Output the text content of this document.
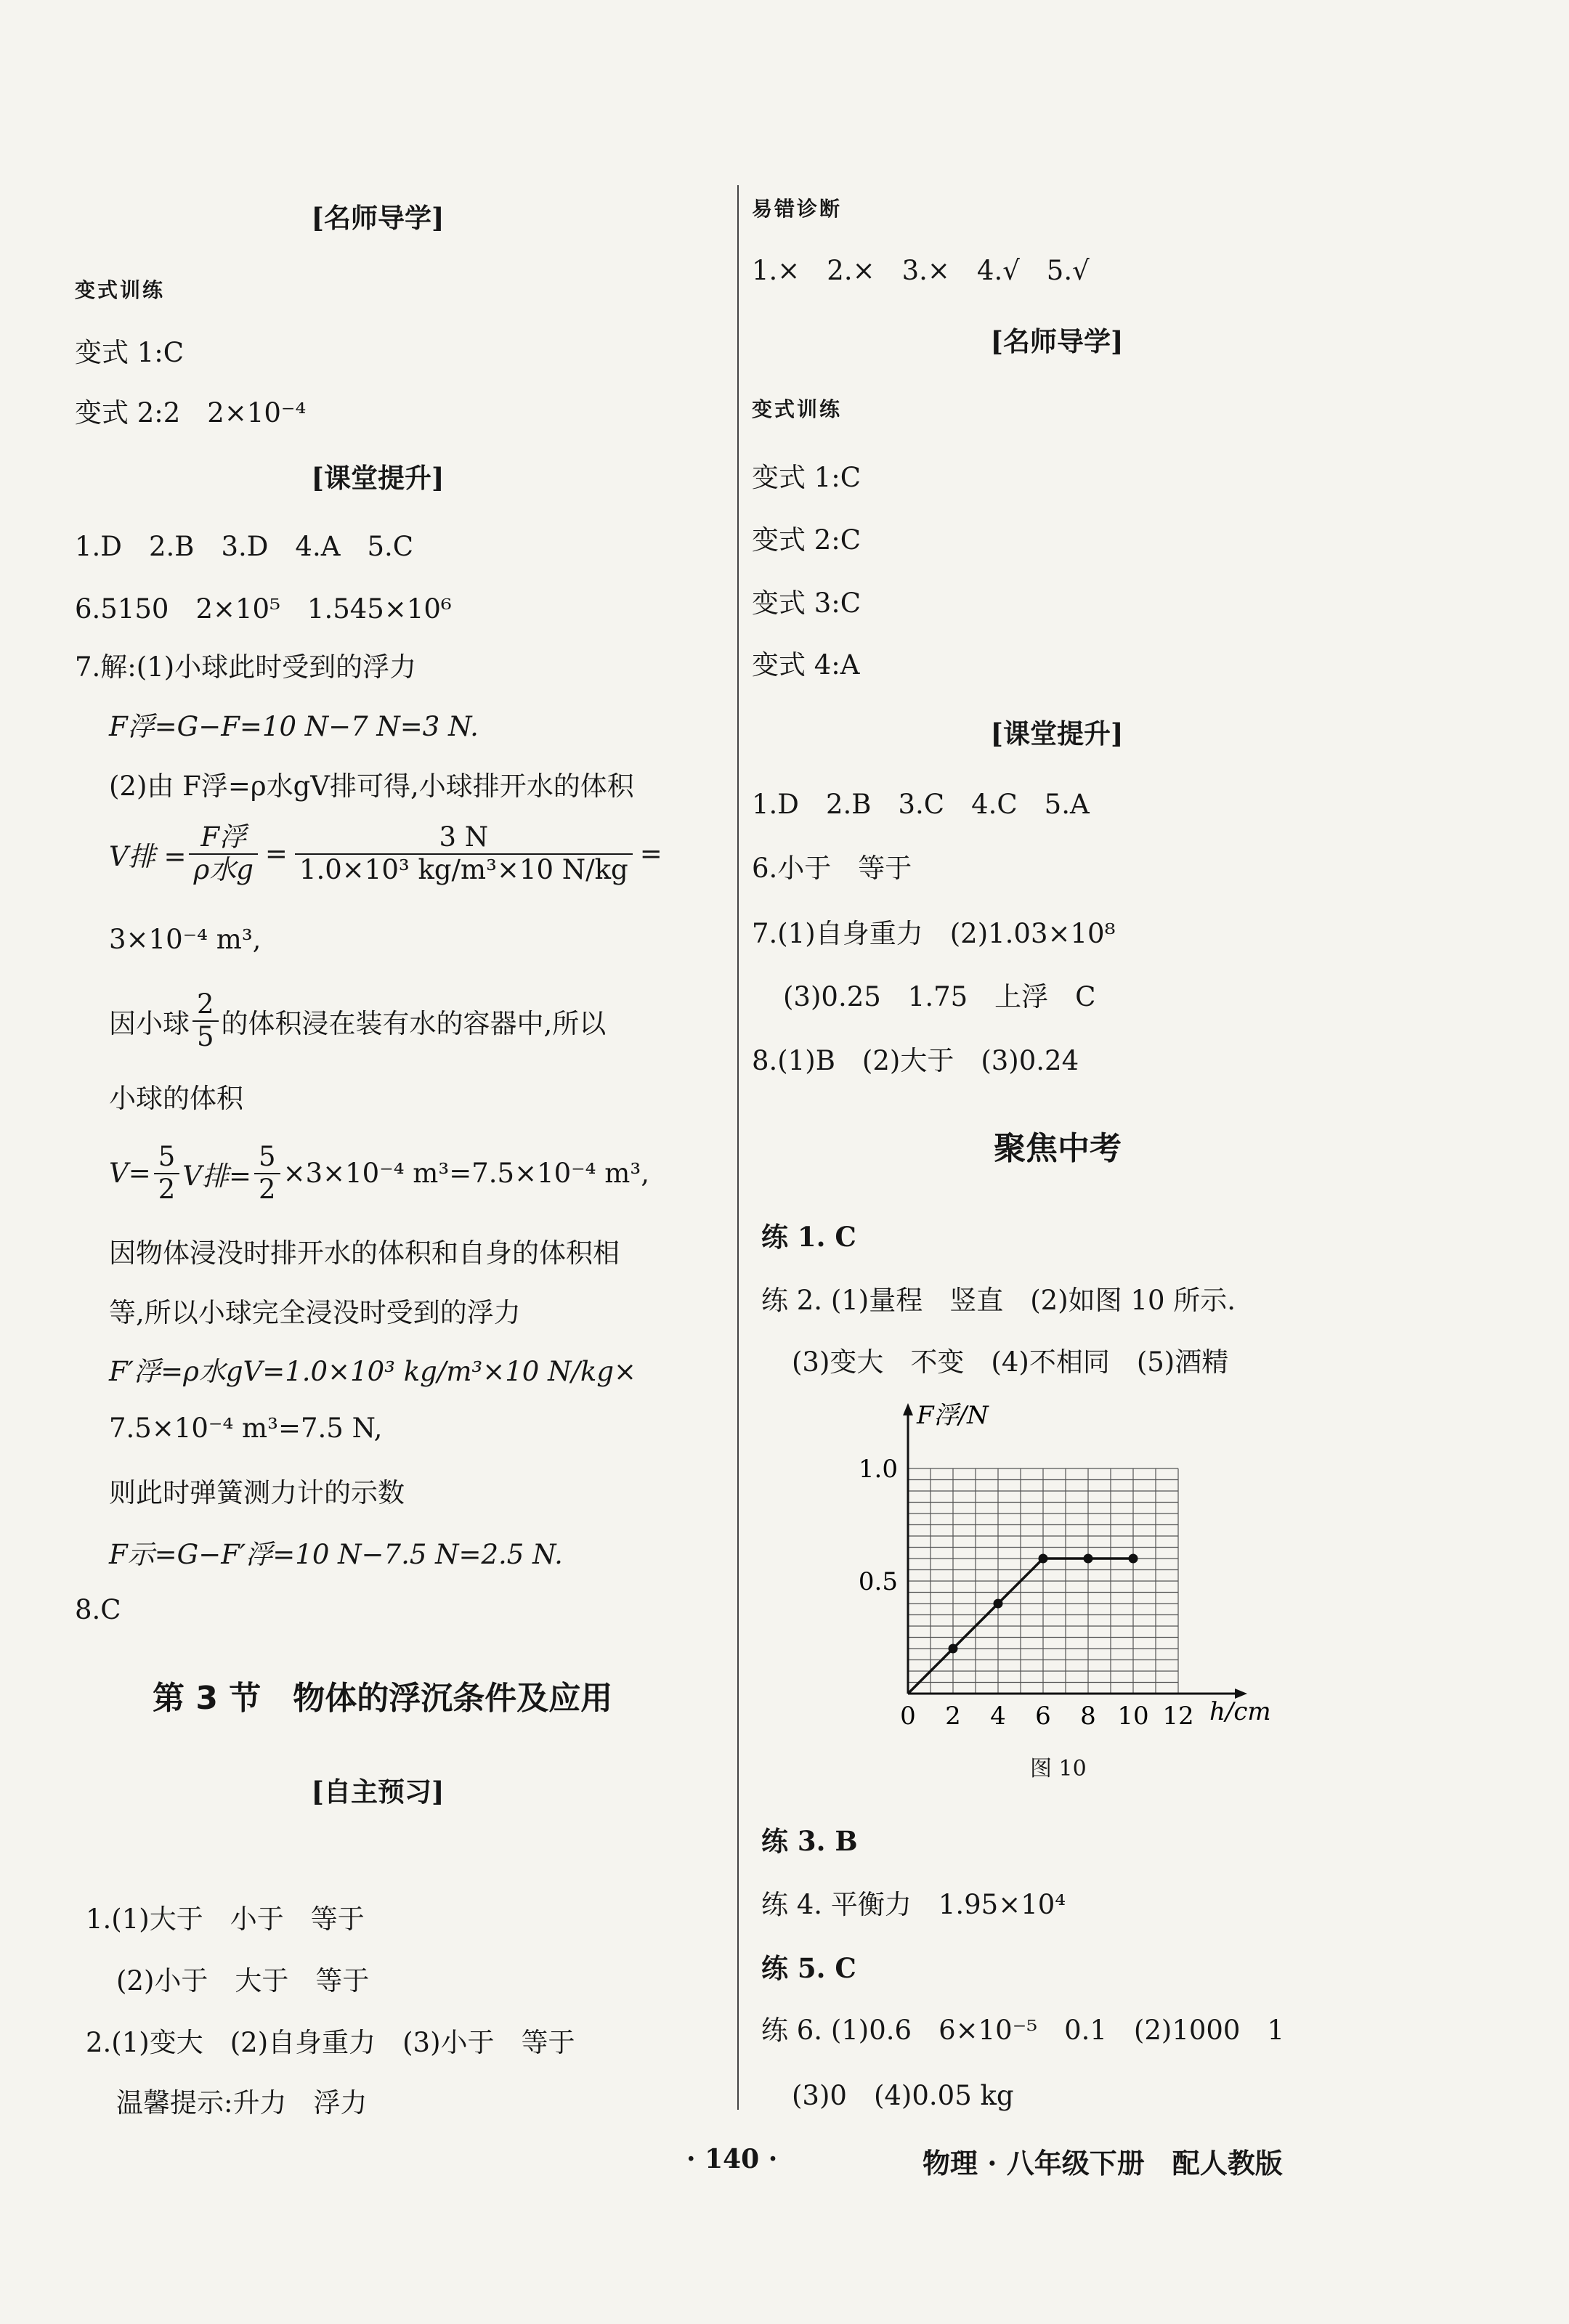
[名师导学]
变式训练
变式 1:C
变式 2:2　2×10⁻⁴
[课堂提升]
1.D　2.B　3.D　4.A　5.C
6.5150　2×10⁵　1.545×10⁶
7.解:(1)小球此时受到的浮力
F浮=G−F=10 N−7 N=3 N.
(2)由 F浮=ρ水gV排可得,小球排开水的体积
V排 = $\frac{\text{F浮}}{\text{ρ水g}} = \frac{3 N}{\text{1.0×10³ kg/m³×10 N/kg}}$ =
3×10⁻⁴ m³,
因小球 $\frac{2}{5}$ 的体积浸在装有水的容器中,所以
小球的体积
$V= \frac{5}{2}$ V排= $\frac{5}{2} \times 3\times 10^{-4}$ m³=7.5×10⁻⁴ m³,
因物体浸没时排开水的体积和自身的体积相
等,所以小球完全浸没时受到的浮力
F′浮=ρ水gV=1.0×10³ kg/m³×10 N/kg×
7.5×10⁻⁴ m³=7.5 N,
则此时弹簧测力计的示数
F示=G−F′浮=10 N−7.5 N=2.5 N.
8.C
第 3 节　物体的浮沉条件及应用
[自主预习]
1.(1)大于　小于　等于
(2)小于　大于　等于
2.(1)变大　(2)自身重力　(3)小于　等于
温馨提示:升力　浮力
易错诊断
1.×　2.×　3.×　4.√　5.√
[名师导学]
变式训练
变式 1:C
变式 2:C
变式 3:C
变式 4:A
[课堂提升]
1.D　2.B　3.C　4.C　5.A
6.小于　等于
7.(1)自身重力　(2)1.03×10⁸
(3)0.25　1.75　上浮　C
8.(1)B　(2)大于　(3)0.24
聚焦中考
练 1. C
练 2. (1)量程　竖直　(2)如图 10 所示.
(3)变大　不变　(4)不相同　(5)酒精
0 2 4 6 8 10 12
0.5
1.0
F浮/N
h/cm
图 10
练 3. B
练 4. 平衡力　1.95×10⁴
练 5. C
练 6. (1)0.6　6×10⁻⁵　0.1　(2)1000　1
(3)0　(4)0.05 kg
· 140 ·	物理 · 八年级下册　配人教版
